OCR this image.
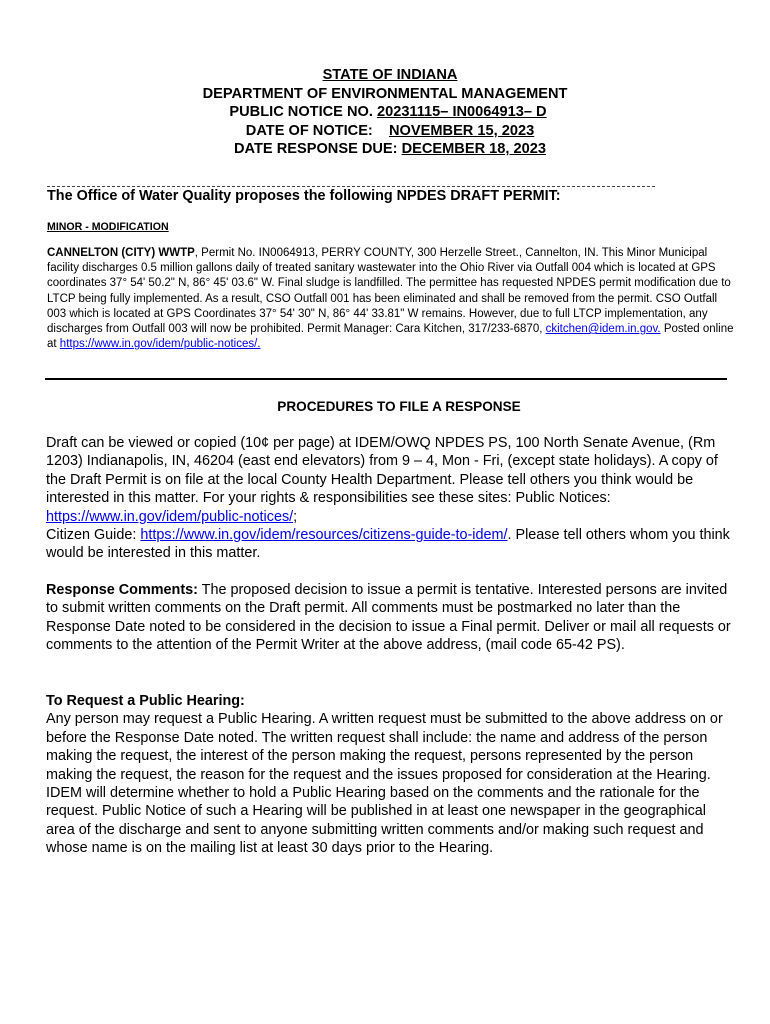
STATE OF INDIANA
DEPARTMENT OF ENVIRONMENTAL MANAGEMENT
PUBLIC NOTICE NO. 20231115– IN0064913– D
DATE OF NOTICE: NOVEMBER 15, 2023
DATE RESPONSE DUE: DECEMBER 18, 2023
The Office of Water Quality proposes the following NPDES DRAFT PERMIT:
MINOR - MODIFICATION
CANNELTON (CITY) WWTP, Permit No. IN0064913, PERRY COUNTY, 300 Herzelle Street., Cannelton, IN. This Minor Municipal facility discharges 0.5 million gallons daily of treated sanitary wastewater into the Ohio River via Outfall 004 which is located at GPS coordinates 37° 54' 50.2" N, 86° 45' 03.6" W. Final sludge is landfilled. The permittee has requested NPDES permit modification due to LTCP being fully implemented. As a result, CSO Outfall 001 has been eliminated and shall be removed from the permit. CSO Outfall 003 which is located at GPS Coordinates 37° 54' 30" N, 86° 44' 33.81" W remains. However, due to full LTCP implementation, any discharges from Outfall 003 will now be prohibited. Permit Manager: Cara Kitchen, 317/233-6870, ckitchen@idem.in.gov. Posted online at https://www.in.gov/idem/public-notices/.
PROCEDURES TO FILE A RESPONSE
Draft can be viewed or copied (10¢ per page) at IDEM/OWQ NPDES PS, 100 North Senate Avenue, (Rm 1203) Indianapolis, IN, 46204 (east end elevators) from 9 – 4, Mon - Fri, (except state holidays). A copy of the Draft Permit is on file at the local County Health Department. Please tell others you think would be interested in this matter. For your rights & responsibilities see these sites: Public Notices: https://www.in.gov/idem/public-notices/;
Citizen Guide: https://www.in.gov/idem/resources/citizens-guide-to-idem/. Please tell others whom you think would be interested in this matter.
Response Comments: The proposed decision to issue a permit is tentative. Interested persons are invited to submit written comments on the Draft permit. All comments must be postmarked no later than the Response Date noted to be considered in the decision to issue a Final permit. Deliver or mail all requests or comments to the attention of the Permit Writer at the above address, (mail code 65-42 PS).
To Request a Public Hearing:
Any person may request a Public Hearing. A written request must be submitted to the above address on or before the Response Date noted. The written request shall include: the name and address of the person making the request, the interest of the person making the request, persons represented by the person making the request, the reason for the request and the issues proposed for consideration at the Hearing. IDEM will determine whether to hold a Public Hearing based on the comments and the rationale for the request. Public Notice of such a Hearing will be published in at least one newspaper in the geographical area of the discharge and sent to anyone submitting written comments and/or making such request and whose name is on the mailing list at least 30 days prior to the Hearing.
